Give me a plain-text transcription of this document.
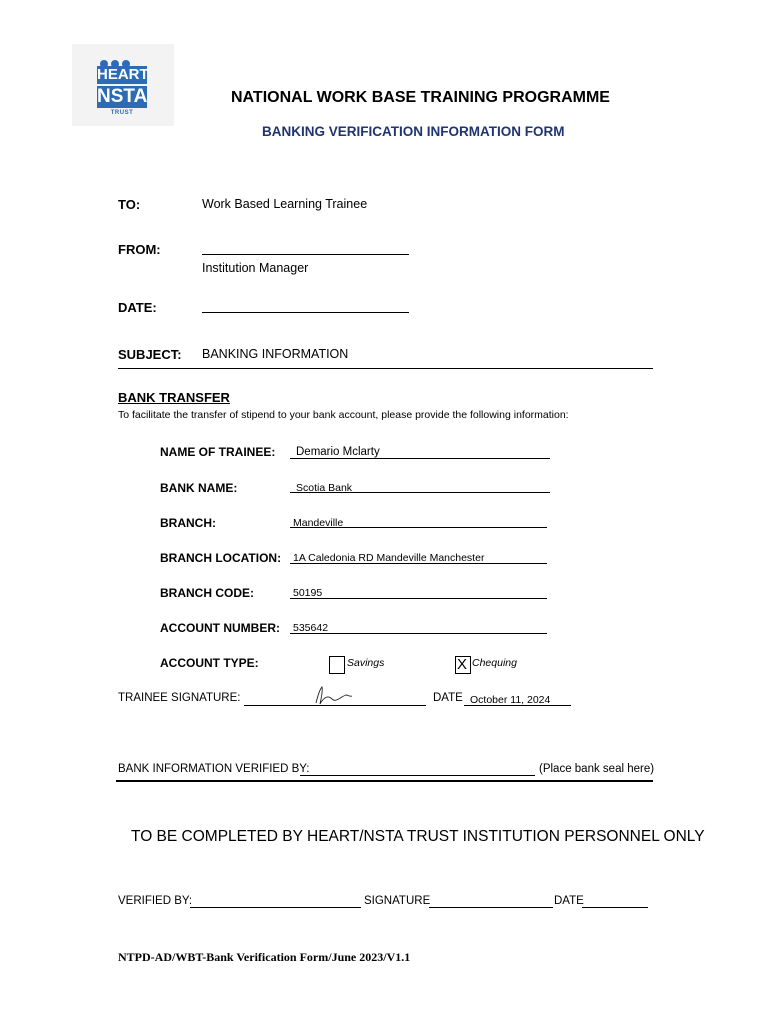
HEART
NSTA
TRUST
NATIONAL WORK BASE TRAINING PROGRAMME
BANKING VERIFICATION INFORMATION FORM
TO:	Work Based Learning Trainee
FROM:
Institution Manager
DATE:
SUBJECT: BANKING INFORMATION
BANK TRANSFER
To facilitate the transfer of stipend to your bank account, please provide the following information:
NAME OF TRAINEE: Demario Mclarty
BANK NAME:	Scotia Bank
BRANCH:	Mandeville
BRANCH LOCATION: 1A Caledonia RD Mandeville Manchester
BRANCH CODE:	50195
ACCOUNT NUMBER: 535642
ACCOUNT TYPE:	Savings	X Chequing
TRAINEE SIGNATURE:	DATE October 11, 2024
BANK INFORMATION VERIFIED BY:	(Place bank seal here)
TO BE COMPLETED BY HEART/NSTA TRUST INSTITUTION PERSONNEL ONLY
VERIFIED BY:	SIGNATURE	DATE
NTPD-AD/WBT-Bank Verification Form/June 2023/V1.1
